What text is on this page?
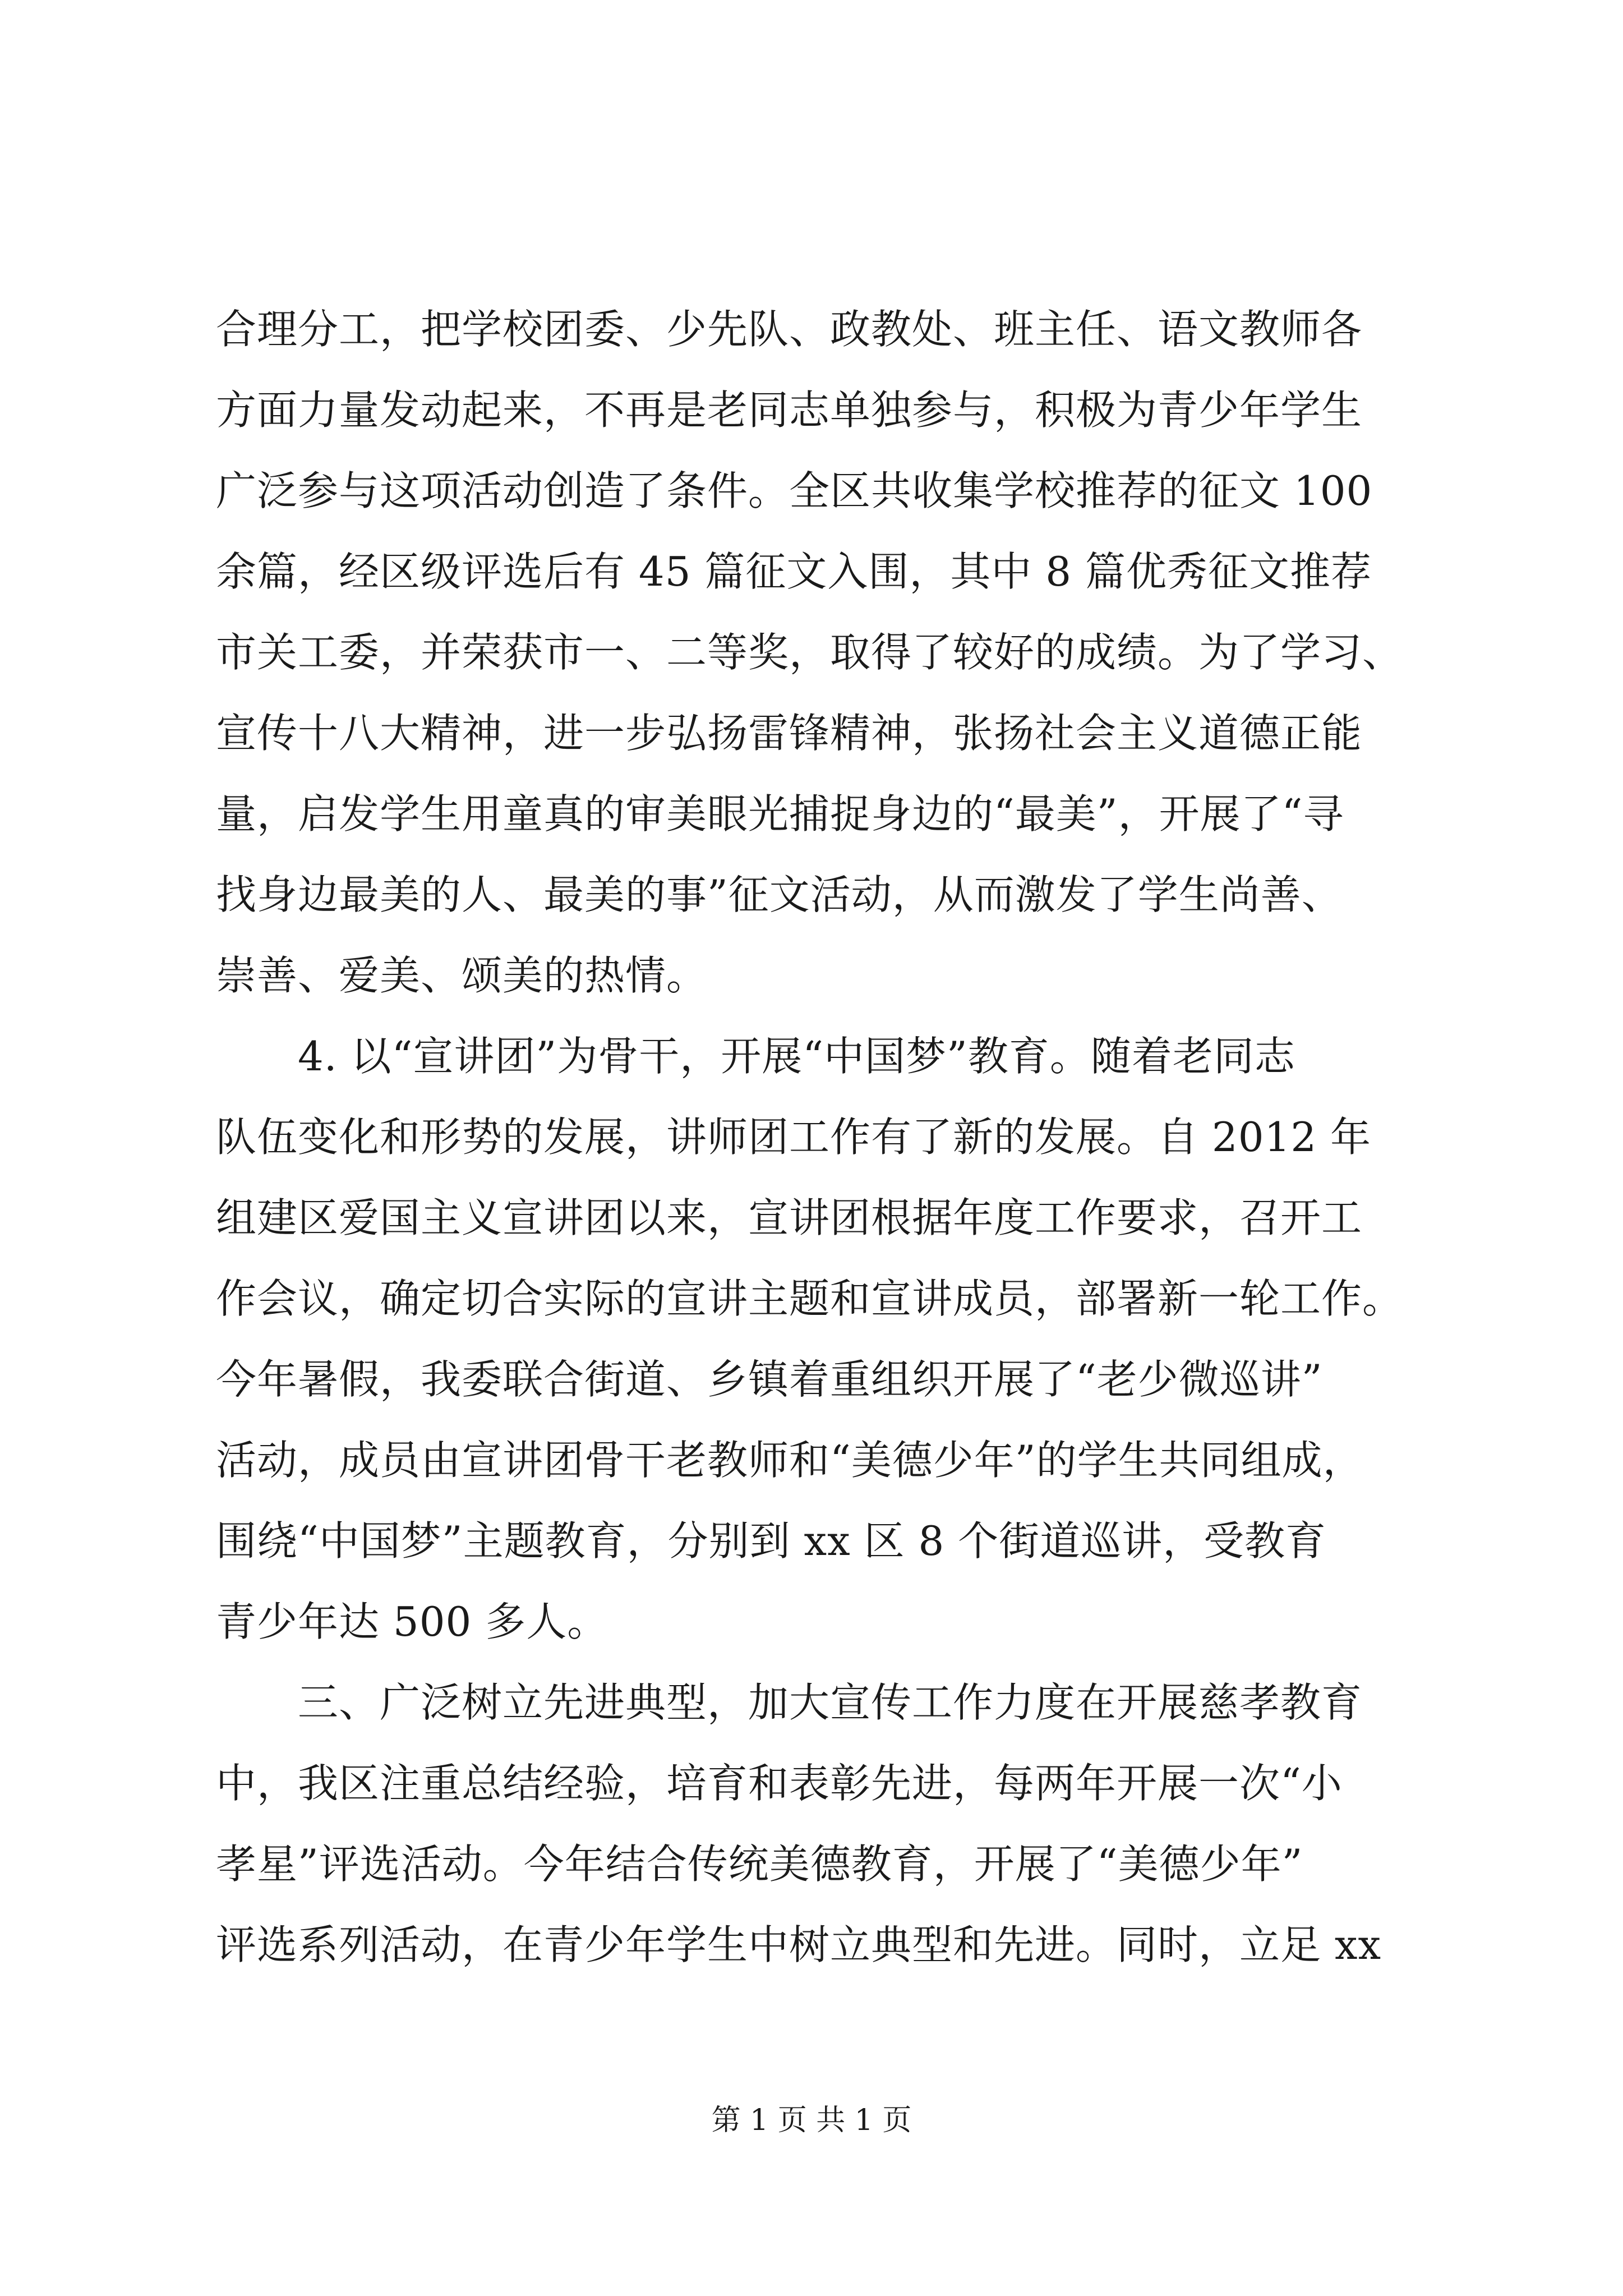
合理分工，把学校团委、少先队、政教处、班主任、语文教师各
方面力量发动起来，不再是老同志单独参与，积极为青少年学生
广泛参与这项活动创造了条件。全区共收集学校推荐的征文 100
余篇，经区级评选后有 45 篇征文入围，其中 8 篇优秀征文推荐
市关工委，并荣获市一、二等奖，取得了较好的成绩。为了学习、
宣传十八大精神，进一步弘扬雷锋精神，张扬社会主义道德正能
量，启发学生用童真的审美眼光捕捉身边的“最美”，开展了“寻
找身边最美的人、最美的事”征文活动，从而激发了学生尚善、
崇善、爱美、颂美的热情。
　　4. 以“宣讲团”为骨干，开展“中国梦”教育。随着老同志
队伍变化和形势的发展，讲师团工作有了新的发展。自 2012 年
组建区爱国主义宣讲团以来，宣讲团根据年度工作要求，召开工
作会议，确定切合实际的宣讲主题和宣讲成员，部署新一轮工作。
今年暑假，我委联合街道、乡镇着重组织开展了“老少微巡讲”
活动，成员由宣讲团骨干老教师和“美德少年”的学生共同组成，
围绕“中国梦”主题教育，分别到 xx 区 8 个街道巡讲，受教育
青少年达 500 多人。
　　三、广泛树立先进典型，加大宣传工作力度在开展慈孝教育
中，我区注重总结经验，培育和表彰先进，每两年开展一次“小
孝星”评选活动。今年结合传统美德教育，开展了“美德少年”
评选系列活动，在青少年学生中树立典型和先进。同时，立足 xx
第 1 页 共 1 页
